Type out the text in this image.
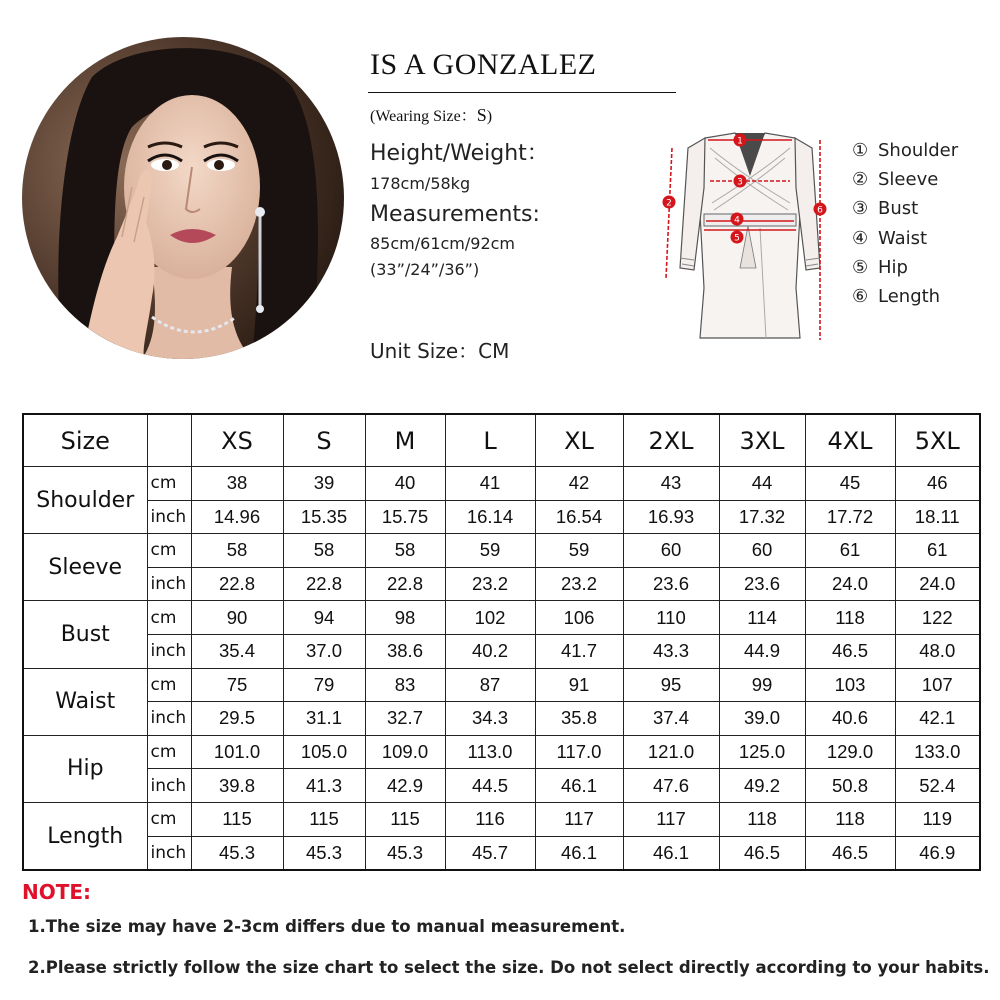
IS A GONZALEZ
(Wearing Size：S)
Height/Weight：
178cm/58kg
Measurements:
85cm/61cm/92cm
(33”/24”/36”)
Unit Size：CM
1
2
3
4
5
6
① Shoulder
② Sleeve
③ Bust
④ Waist
⑤ Hip
⑥ Length
Size		XS	S	M	L	XL	2XL	3XL	4XL	5XL
Shoulder	cm	38	39	40	41	42	43	44	45	46
	inch	14.96	15.35	15.75	16.14	16.54	16.93	17.32	17.72	18.11
Sleeve	cm	58	58	58	59	59	60	60	61	61
	inch	22.8	22.8	22.8	23.2	23.2	23.6	23.6	24.0	24.0
Bust	cm	90	94	98	102	106	110	114	118	122
	inch	35.4	37.0	38.6	40.2	41.7	43.3	44.9	46.5	48.0
Waist	cm	75	79	83	87	91	95	99	103	107
	inch	29.5	31.1	32.7	34.3	35.8	37.4	39.0	40.6	42.1
Hip	cm	101.0	105.0	109.0	113.0	117.0	121.0	125.0	129.0	133.0
	inch	39.8	41.3	42.9	44.5	46.1	47.6	49.2	50.8	52.4
Length	cm	115	115	115	116	117	117	118	118	119
	inch	45.3	45.3	45.3	45.7	46.1	46.1	46.5	46.5	46.9
NOTE:
1.The size may have 2-3cm differs due to manual measurement.
2.Please strictly follow the size chart to select the size. Do not select directly according to your habits.
